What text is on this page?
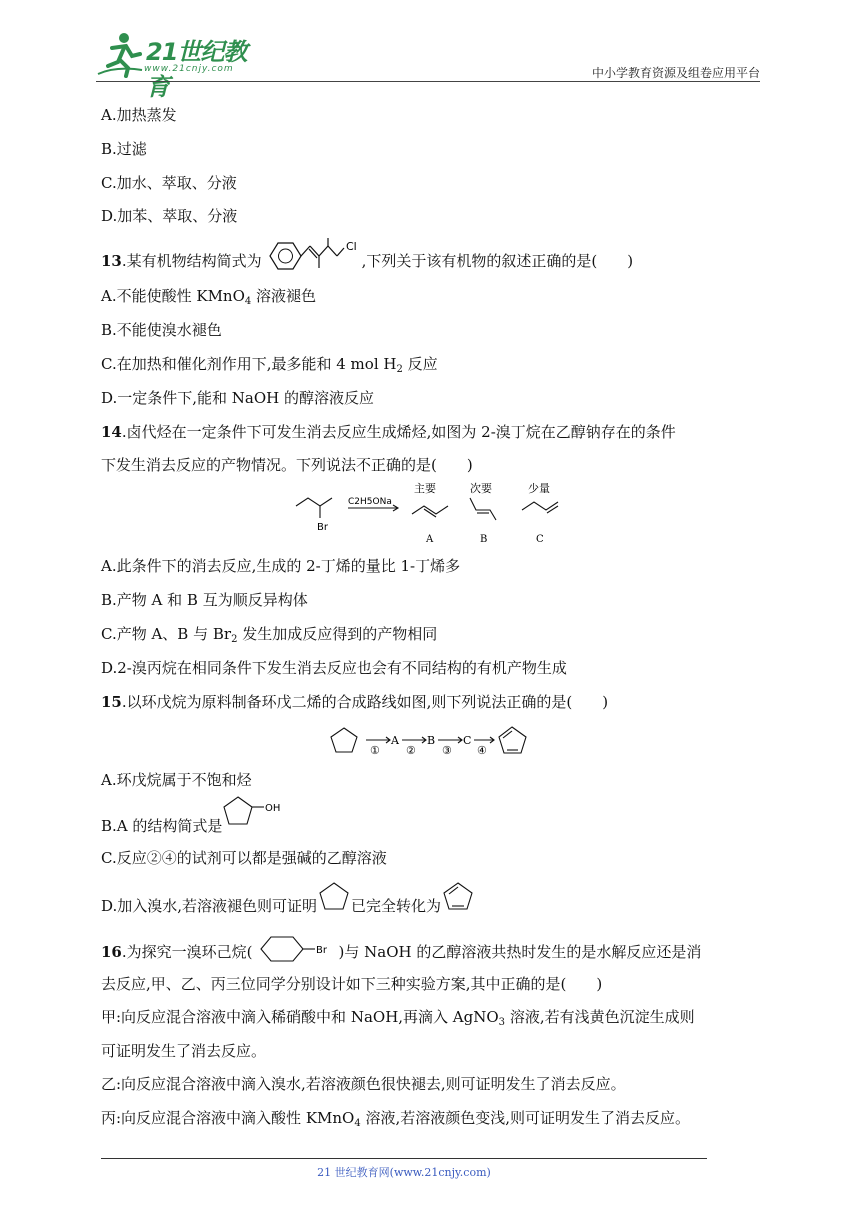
21世纪教育
www.21cnjy.com	中小学教育资源及组卷应用平台
A.加热蒸发
B.过滤
C.加水、萃取、分液
D.加苯、萃取、分液
13.某有机物结构简式为
Cl
,下列关于该有机物的叙述正确的是(　　)
A.不能使酸性 KMnO$_4$ 溶液褪色
B.不能使溴水褪色
C.在加热和催化剂作用下,最多能和 4 mol $H_2$ 反应
D.一定条件下,能和 NaOH 的醇溶液反应
14.卤代烃在一定条件下可发生消去反应生成烯烃,如图为 2-溴丁烷在乙醇钠存在的条件
下发生消去反应的产物情况。下列说法不正确的是(　　)
Br
C2H5ONa
主要	次要	少量
A	B	C
A.此条件下的消去反应,生成的 2-丁烯的量比 1-丁烯多
B.产物 A 和 B 互为顺反异构体
C.产物 A、B 与 $Br_2$ 发生加成反应得到的产物相同
D.2-溴丙烷在相同条件下发生消去反应也会有不同结构的有机产物生成
15.以环戊烷为原料制备环戊二烯的合成路线如图,则下列说法正确的是(　　)
①
A
②
B
③
C
④
A.环戊烷属于不饱和烃
B.A 的结构简式是
OH
C.反应②④的试剂可以都是强碱的乙醇溶液
D.加入溴水,若溶液褪色则可证明 已完全转化为
16.为探究一溴环己烷(	Br )与 NaOH 的乙醇溶液共热时发生的是水解反应还是消
去反应,甲、乙、丙三位同学分别设计如下三种实验方案,其中正确的是(　　)
甲:向反应混合溶液中滴入稀硝酸中和 NaOH,再滴入 AgNO$_3$ 溶液,若有浅黄色沉淀生成则
可证明发生了消去反应。
乙:向反应混合溶液中滴入溴水,若溶液颜色很快褪去,则可证明发生了消去反应。
丙:向反应混合溶液中滴入酸性 KMnO$_4$ 溶液,若溶液颜色变浅,则可证明发生了消去反应。
21 世纪教育网(www.21cnjy.com)
